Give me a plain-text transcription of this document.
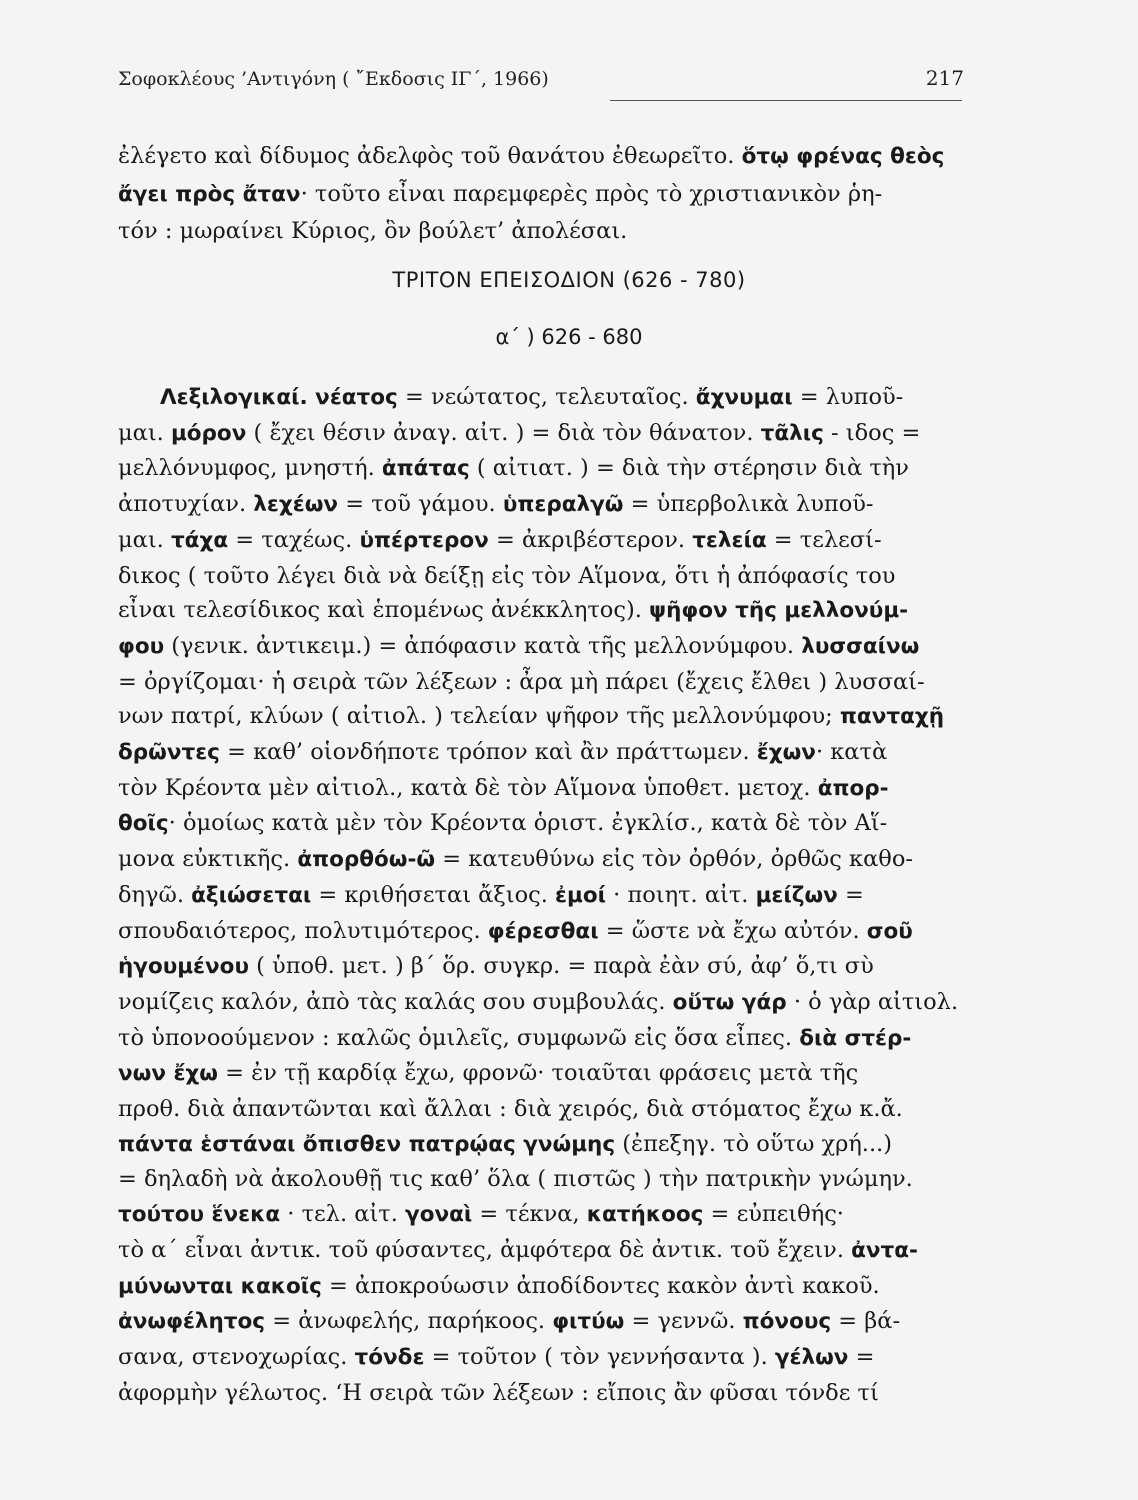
Σοφοκλέους ’Αντιγόνη ( ῎Εκδοσις ΙΓ΄, 1966)	217
ἐλέγετο καὶ δίδυμος ἀδελφὸς τοῦ θανάτου ἐθεωρεῖτο. ὅτῳ φρένας θεὸς
ἄγει πρὸς ἄταν· τοῦτο εἶναι παρεμφερὲς πρὸς τὸ χριστιανικὸν ῥη-
τόν : μωραίνει Κύριος, ὃν βούλετ’ ἀπολέσαι.
ΤΡΙΤΟΝ ΕΠΕΙΣΟΔΙΟΝ (626 - 780)
α΄ ) 626 - 680
Λεξιλογικαί. νέατος = νεώτατος, τελευταῖος. ἄχνυμαι = λυποῦ-
μαι. μόρον ( ἔχει θέσιν ἀναγ. αἰτ. ) = διὰ τὸν θάνατον. τᾶλις - ιδος =
μελλόνυμφος, μνηστή. ἀπάτας ( αἰτιατ. ) = διὰ τὴν στέρησιν διὰ τὴν
ἀποτυχίαν. λεχέων = τοῦ γάμου. ὑπεραλγῶ = ὑπερβολικὰ λυποῦ-
μαι. τάχα = ταχέως. ὑπέρτερον = ἀκριβέστερον. τελεία = τελεσί-
δικος ( τοῦτο λέγει διὰ νὰ δείξῃ εἰς τὸν Αἵμονα, ὅτι ἡ ἀπόφασίς του
εἶναι τελεσίδικος καὶ ἑπομένως ἀνέκκλητος). ψῆφον τῆς μελλονύμ-
φου (γενικ. ἀντικειμ.) = ἀπόφασιν κατὰ τῆς μελλονύμφου. λυσσαίνω
= ὀργίζομαι· ἡ σειρὰ τῶν λέξεων : ἆρα μὴ πάρει (ἔχεις ἔλθει ) λυσσαί-
νων πατρί, κλύων ( αἰτιολ. ) τελείαν ψῆφον τῆς μελλονύμφου; πανταχῇ
δρῶντες = καθ’ οἱονδήποτε τρόπον καὶ ἂν πράττωμεν. ἔχων· κατὰ
τὸν Κρέοντα μὲν αἰτιολ., κατὰ δὲ τὸν Αἵμονα ὑποθετ. μετοχ. ἀπορ-
θοῖς· ὁμοίως κατὰ μὲν τὸν Κρέοντα ὁριστ. ἐγκλίσ., κατὰ δὲ τὸν Αἵ-
μονα εὐκτικῆς. ἀπορθόω-ῶ = κατευθύνω εἰς τὸν ὀρθόν, ὀρθῶς καθο-
δηγῶ. ἀξιώσεται = κριθήσεται ἄξιος. ἐμοί · ποιητ. αἰτ. μείζων =
σπουδαιότερος, πολυτιμότερος. φέρεσθαι = ὥστε νὰ ἔχω αὐτόν. σοῦ
ἡγουμένου ( ὑποθ. μετ. ) β΄ ὅρ. συγκρ. = παρὰ ἐὰν σύ, ἀφ’ ὅ,τι σὺ
νομίζεις καλόν, ἀπὸ τὰς καλάς σου συμβουλάς. οὕτω γάρ · ὁ γὰρ αἰτιολ.
τὸ ὑπονοούμενον : καλῶς ὁμιλεῖς, συμφωνῶ εἰς ὅσα εἶπες. διὰ στέρ-
νων ἔχω = ἐν τῇ καρδίᾳ ἔχω, φρονῶ· τοιαῦται φράσεις μετὰ τῆς
προθ. διὰ ἀπαντῶνται καὶ ἄλλαι : διὰ χειρός, διὰ στόματος ἔχω κ.ἄ.
πάντα ἑστάναι ὄπισθεν πατρῴας γνώμης (ἐπεξηγ. τὸ οὕτω χρή...)
= δηλαδὴ νὰ ἀκολουθῇ τις καθ’ ὅλα ( πιστῶς ) τὴν πατρικὴν γνώμην.
τούτου ἕνεκα · τελ. αἰτ. γοναὶ = τέκνα, κατήκοος = εὐπειθής·
τὸ α΄ εἶναι ἀντικ. τοῦ φύσαντες, ἀμφότερα δὲ ἀντικ. τοῦ ἔχειν. ἀντα-
μύνωνται κακοῖς = ἀποκρούωσιν ἀποδίδοντες κακὸν ἀντὶ κακοῦ.
ἀνωφέλητος = ἀνωφελής, παρήκοος. φιτύω = γεννῶ. πόνους = βά-
σανα, στενοχωρίας. τόνδε = τοῦτον ( τὸν γεννήσαντα ). γέλων =
ἀφορμὴν γέλωτος. ‘Η σειρὰ τῶν λέξεων : εἴποις ἂν φῦσαι τόνδε τί
